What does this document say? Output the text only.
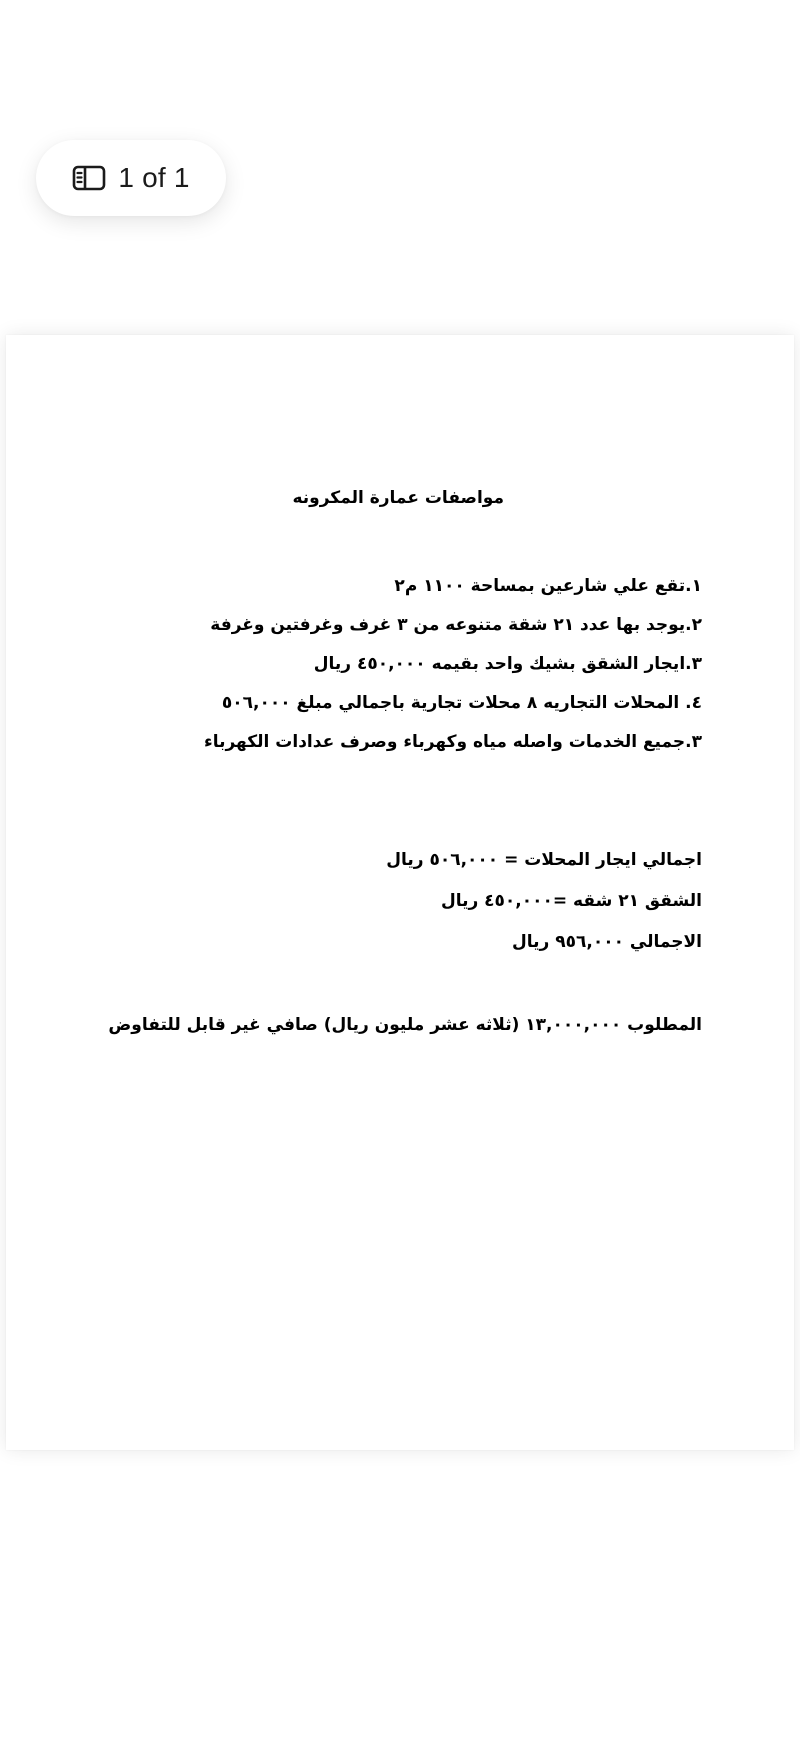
1 of 1
مواصفات عمارة المكرونه
١.تقع علي شارعين بمساحة ١١٠٠ م٢
٢.يوجد بها عدد ٢١ شقة متنوعه من ٣ غرف وغرفتين وغرفة
٣.ايجار الشقق بشيك واحد بقيمه ٤٥٠,٠٠٠ ريال
٤. المحلات التجاريه ٨ محلات تجارية باجمالي مبلغ ٥٠٦,٠٠٠
٣.جميع الخدمات واصله مياه وكهرباء وصرف عدادات الكهرباء
اجمالي ايجار المحلات = ٥٠٦,٠٠٠ ريال
الشقق ٢١ شقه =٤٥٠,٠٠٠ ريال
الاجمالي ٩٥٦,٠٠٠ ريال
المطلوب ١٣,٠٠٠,٠٠٠ (ثلاثه عشر مليون ريال) صافي غير قابل للتفاوض
